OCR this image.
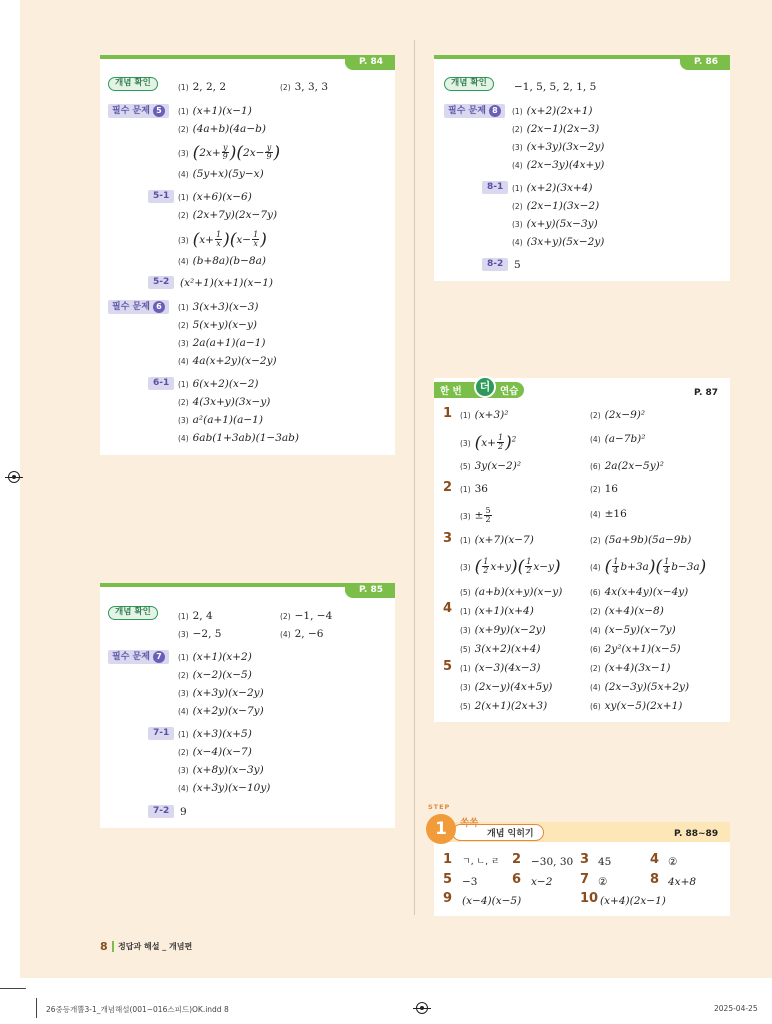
P. 84
개념 확인	(1) 2, 2, 2	(2) 3, 3, 3
필수 문제 5	(1) (x+1)(x−1)
(2) (4a+b)(4a−b)
(3) $(2x+ \frac{y}{9} )(2x- \frac{y}{9}$ )
(4) (5y+x)(5y−x)
5-1	(1) (x+6)(x−6)
(2) (2x+7y)(2x−7y)
(3) $(x+ \frac{1}{x} )(x- \frac{1}{x}$ )
(4) (b+8a)(b−8a)
5-2	(x²+1)(x+1)(x−1)
필수 문제 6	(1) 3(x+3)(x−3)
(2) 5(x+y)(x−y)
(3) 2a(a+1)(a−1)
(4) 4a(x+2y)(x−2y)
6-1	(1) 6(x+2)(x−2)
(2) 4(3x+y)(3x−y)
(3) a²(a+1)(a−1)
(4) 6ab(1+3ab)(1−3ab)
P. 85
개념 확인	(1) 2, 4	(2) −1, −4
(3) −2, 5	(4) 2, −6
필수 문제 7	(1) (x+1)(x+2)
(2) (x−2)(x−5)
(3) (x+3y)(x−2y)
(4) (x+2y)(x−7y)
7-1	(1) (x+3)(x+5)
(2) (x−4)(x−7)
(3) (x+8y)(x−3y)
(4) (x+3y)(x−10y)
7-2	9
P. 86
개념 확인	−1, 5, 5, 2, 1, 5
필수 문제 8	(1) (x+2)(2x+1)
(2) (2x−1)(2x−3)
(3) (x+3y)(3x−2y)
(4) (2x−3y)(4x+y)
8-1	(1) (x+2)(3x+4)
(2) (2x−1)(3x−2)
(3) (x+y)(5x−3y)
(4) (3x+y)(5x−2y)
8-2	5
한 번	더	연습	P. 87
1 (1) (x+3)²	(2) (2x−9)²
(3) $(x+ \frac{1}{2} )^2$	(4) (a−7b)²
(5) 3y(x−2)²	(6) 2a(2x−5y)²
2 (1) 36	(2) 16
$(3) \pm \frac{5}{2}$	(4) ±16
3 (1) (x+7)(x−7)	(2) (5a+9b)(5a−9b)
(3) ( $\frac{1}{2} x+y)( \frac{1}{2} x-y)$	(4) ( $\frac{1}{4} b+3a)( \frac{1}{4} b-3a)$
(5) (a+b)(x+y)(x−y)	(6) 4x(x+4y)(x−4y)
4 (1) (x+1)(x+4)	(2) (x+4)(x−8)
(3) (x+9y)(x−2y)	(4) (x−5y)(x−7y)
(5) 3(x+2)(x+4)	(6) 2y²(x+1)(x−5)
5 (1) (x−3)(4x−3)	(2) (x+4)(3x−1)
(3) (2x−y)(4x+5y)	(4) (2x−3y)(5x+2y)
(5) 2(x+1)(2x+3)	(6) xy(x−5)(2x+1)
STEP
1	쏙쏙
개념 익히기	P. 88~89
1 ㄱ, ㄴ, ㄹ 2 −30, 30 3 45	4 ②
5 −3	6 x−2 7 ②	8 4x+8
9 (x−4)(x−5)	10 (x+4)(2x−1)
8 정답과 해설 _ 개념편
26중등개뿔3-1_개념해설(001~016스피드)OK.indd 8	2025-04-25
